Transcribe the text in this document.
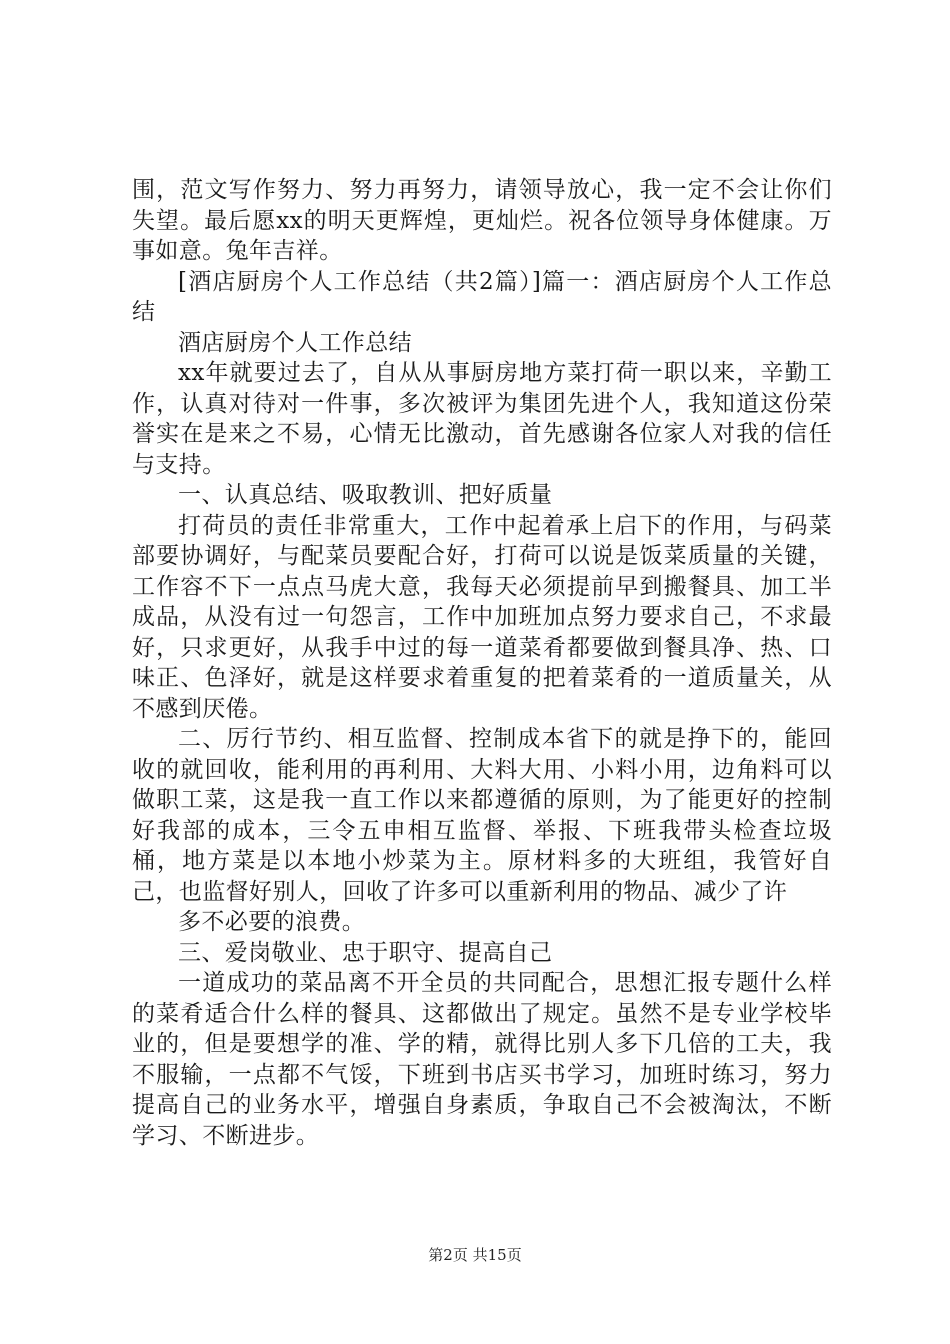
围，范文写作努力、努力再努力，请领导放心，我一定不会让你们失望。最后愿xx的明天更辉煌，更灿烂。祝各位领导身体健康。万事如意。兔年吉祥。

[酒店厨房个人工作总结（共2篇）]篇一：酒店厨房个人工作总结

酒店厨房个人工作总结

xx年就要过去了，自从从事厨房地方菜打荷一职以来，辛勤工作，认真对待对一件事，多次被评为集团先进个人，我知道这份荣誉实在是来之不易，心情无比激动，首先感谢各位家人对我的信任与支持。

一、认真总结、吸取教训、把好质量

打荷员的责任非常重大，工作中起着承上启下的作用，与码菜部要协调好，与配菜员要配合好，打荷可以说是饭菜质量的关键，工作容不下一点点马虎大意，我每天必须提前早到搬餐具、加工半成品，从没有过一句怨言，工作中加班加点努力要求自己，不求最好，只求更好，从我手中过的每一道菜肴都要做到餐具净、热、口味正、色泽好，就是这样要求着重复的把着菜肴的一道质量关，从不感到厌倦。

二、厉行节约、相互监督、控制成本省下的就是挣下的，能回收的就回收，能利用的再利用、大料大用、小料小用，边角料可以做职工菜，这是我一直工作以来都遵循的原则，为了能更好的控制好我部的成本，三令五申相互监督、举报、下班我带头检查垃圾桶，地方菜是以本地小炒菜为主。原材料多的大班组，我管好自己，也监督好别人，回收了许多可以重新利用的物品、减少了许

多不必要的浪费。

三、爱岗敬业、忠于职守、提高自己

一道成功的菜品离不开全员的共同配合，思想汇报专题什么样的菜肴适合什么样的餐具、这都做出了规定。虽然不是专业学校毕业的，但是要想学的准、学的精，就得比别人多下几倍的工夫，我不服输，一点都不气馁，下班到书店买书学习，加班时练习，努力提高自己的业务水平，增强自身素质，争取自己不会被淘汰，不断学习、不断进步。

第2页 共15页
